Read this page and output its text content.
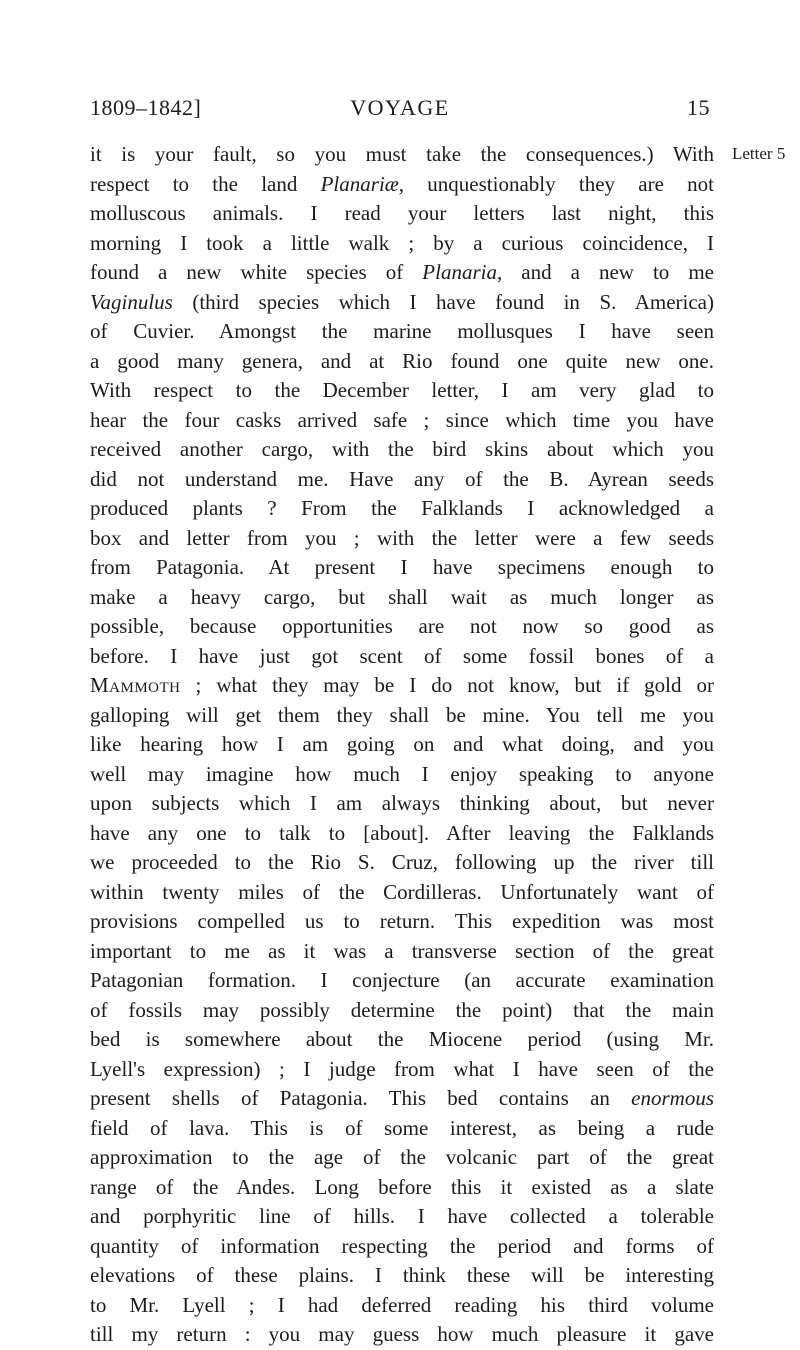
1809–1842]	VOYAGE	15
Letter 5

it is your fault, so you must take the consequences.) With
respect to the land Planariæ, unquestionably they are not
molluscous animals. I read your letters last night, this
morning I took a little walk ; by a curious coincidence, I
found a new white species of Planaria, and a new to me
Vaginulus (third species which I have found in S. America)
of Cuvier. Amongst the marine mollusques I have seen
a good many genera, and at Rio found one quite new one.
With respect to the December letter, I am very glad to
hear the four casks arrived safe ; since which time you have
received another cargo, with the bird skins about which you
did not understand me. Have any of the B. Ayrean seeds
produced plants ? From the Falklands I acknowledged a
box and letter from you ; with the letter were a few seeds
from Patagonia. At present I have specimens enough to
make a heavy cargo, but shall wait as much longer as
possible, because opportunities are not now so good as
before. I have just got scent of some fossil bones of a
Mammoth ; what they may be I do not know, but if gold or
galloping will get them they shall be mine. You tell me you
like hearing how I am going on and what doing, and you
well may imagine how much I enjoy speaking to anyone
upon subjects which I am always thinking about, but never
have any one to talk to [about]. After leaving the Falklands
we proceeded to the Rio S. Cruz, following up the river till
within twenty miles of the Cordilleras. Unfortunately want of
provisions compelled us to return. This expedition was most
important to me as it was a transverse section of the great
Patagonian formation. I conjecture (an accurate examination
of fossils may possibly determine the point) that the main
bed is somewhere about the Miocene period (using Mr.
Lyell's expression) ; I judge from what I have seen of the
present shells of Patagonia. This bed contains an enormous
field of lava. This is of some interest, as being a rude
approximation to the age of the volcanic part of the great
range of the Andes. Long before this it existed as a slate
and porphyritic line of hills. I have collected a tolerable
quantity of information respecting the period and forms of
elevations of these plains. I think these will be interesting
to Mr. Lyell ; I had deferred reading his third volume
till my return : you may guess how much pleasure it gave
